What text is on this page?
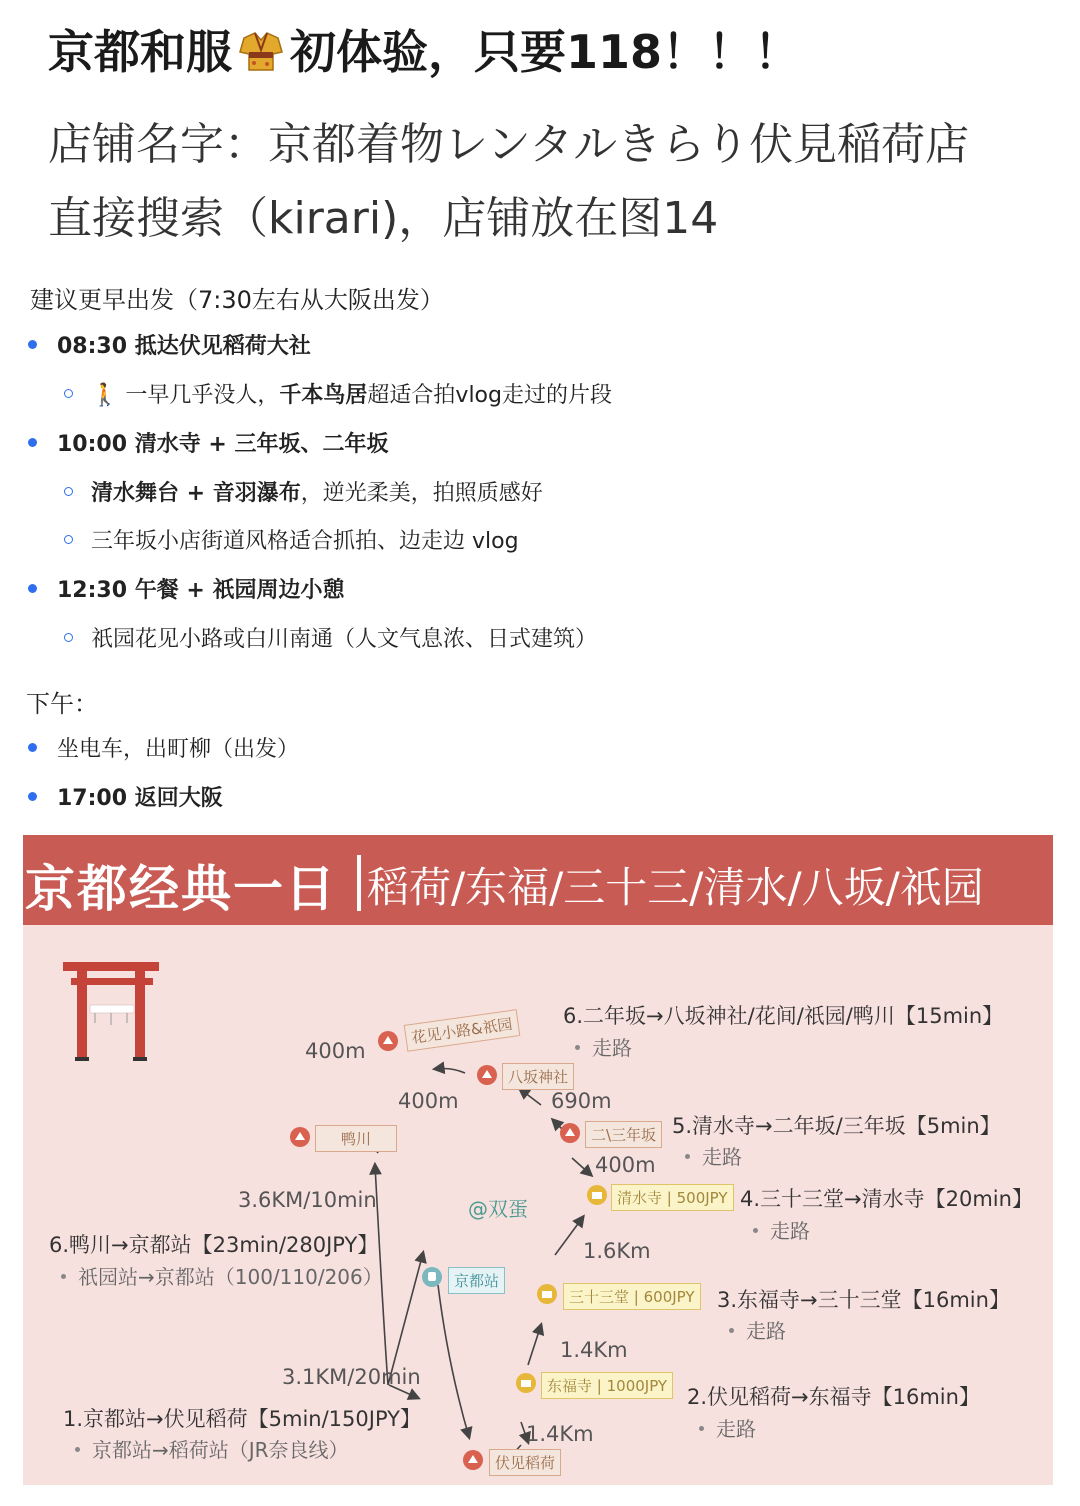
京都和服 初体验，只要118！！！
店铺名字：京都着物レンタルきらり伏見稲荷店
直接搜索（kirari)，店铺放在图14
建议更早出发（7:30左右从大阪出发）
08:30 抵达伏见稻荷大社
🚶 一早几乎没人，千本鸟居超适合拍vlog走过的片段
10:00 清水寺 + 三年坂、二年坂
清水舞台 + 音羽瀑布，逆光柔美，拍照质感好
三年坂小店街道风格适合抓拍、边走边 vlog
12:30 午餐 + 祇园周边小憩
祇园花见小路或白川南通（人文气息浓、日式建筑）
下午：
坐电车，出町柳（出发）
17:00 返回大阪
京都经典一日 稻荷/东福/三十三/清水/八坂/祇园
花见小路&祇园
八坂神社
鸭川	二\三年坂
清水寺 | 500JPY
京都站
三十三堂 | 600JPY
东福寺 | 1000JPY
伏见稻荷
400m
400m	690m
400m
3.6KM/10min
1.6Km
1.4Km
3.1KM/20min
1.4Km
@双蛋
6.二年坂→八坂神社/花间/祇园/鸭川【15min】
走路
5.清水寺→二年坂/三年坂【5min】
走路
4.三十三堂→清水寺【20min】
走路
6.鸭川→京都站【23min/280JPY】
祇园站→京都站（100/110/206）
3.东福寺→三十三堂【16min】
走路
2.伏见稻荷→东福寺【16min】
走路
1.京都站→伏见稻荷【5min/150JPY】
京都站→稻荷站（JR奈良线）
